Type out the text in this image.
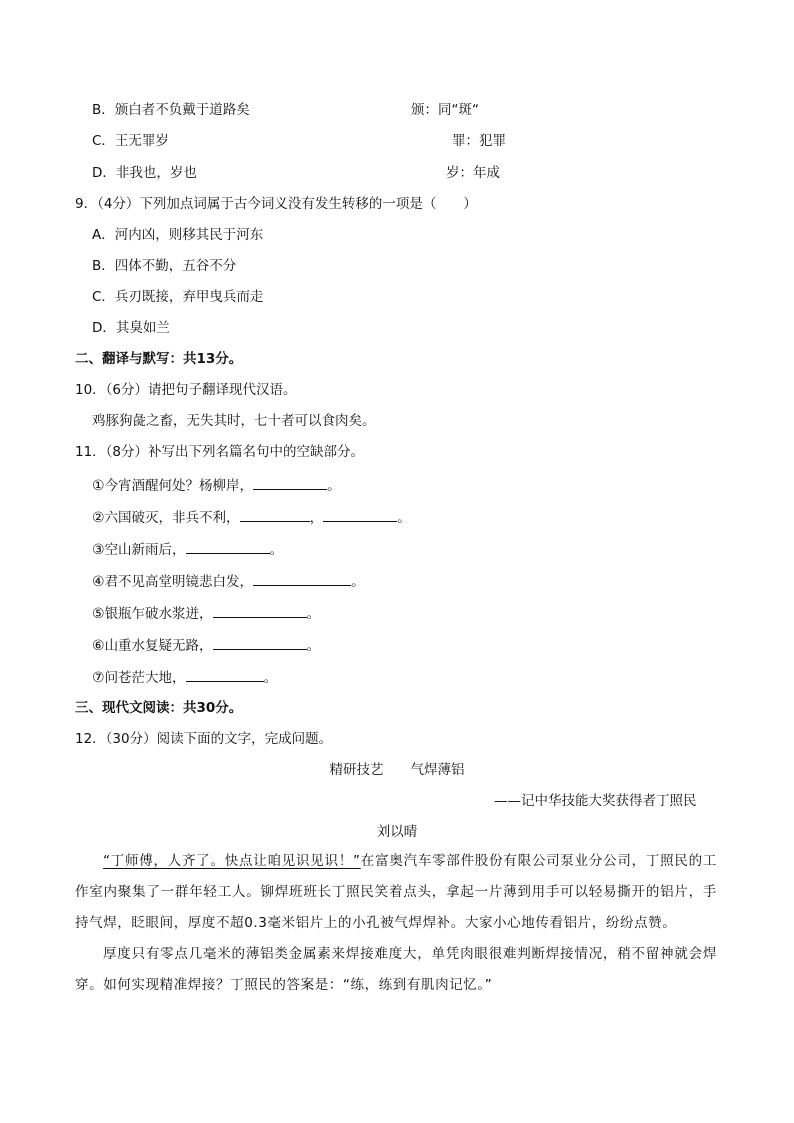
B．颁白者不负戴于道路矣	颁：同“斑“
C．王无罪岁	罪：犯罪
D．非我也，岁也	岁：年成
9．（4分）下列加点词属于古今词义没有发生转移的一项是（　　）
A．河内凶，则移其民于河东
B．四体不勤，五谷不分
C．兵刃既接，弃甲曳兵而走
D．其臭如兰
二、翻译与默写：共13分。
10．（6分）请把句子翻译现代汉语。
鸡豚狗彘之畜，无失其时，七十者可以食肉矣。
11．（8分）补写出下列名篇名句中的空缺部分。
①今宵酒醒何处？杨柳岸，	。
②六国破灭，非兵不利，	，	。
③空山新雨后，	。
④君不见高堂明镜悲白发，	。
⑤银瓶乍破水浆迸，	。
⑥山重水复疑无路，	。
⑦问苍茫大地，	。
三、现代文阅读：共30分。
12．（30分）阅读下面的文字，完成问题。
精研技艺　　气焊薄铝
——记中华技能大奖获得者丁照民
刘以晴

“丁师傅，人齐了。快点让咱见识见识！”在富奥汽车零部件股份有限公司泵业分公司，丁照民的工作室内聚集了一群年轻工人。铆焊班班长丁照民笑着点头，拿起一片薄到用手可以轻易撕开的铝片，手持气焊，眨眼间，厚度不超0.3毫米铝片上的小孔被气焊焊补。大家小心地传看铝片，纷纷点赞。

厚度只有零点几毫米的薄铝类金属素来焊接难度大，单凭肉眼很难判断焊接情况，稍不留神就会焊穿。如何实现精准焊接？丁照民的答案是：“练，练到有肌肉记忆。”
